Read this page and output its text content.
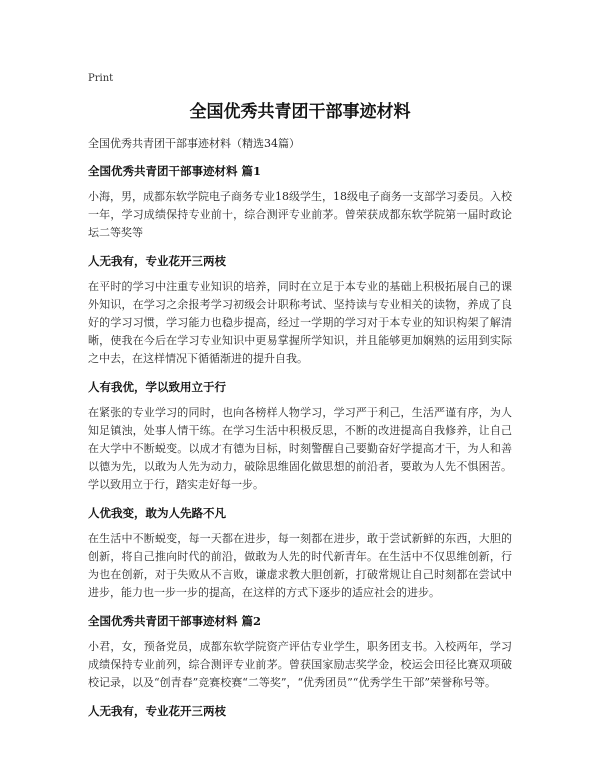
Print
全国优秀共青团干部事迹材料
全国优秀共青团干部事迹材料（精选34篇）
全国优秀共青团干部事迹材料 篇1

小海，男，成都东软学院电子商务专业18级学生，18级电子商务一支部学习委员。入校一年，学习成绩保持专业前十，综合测评专业前茅。曾荣获成都东软学院第一届时政论坛二等奖等

人无我有，专业花开三两枝

在平时的学习中注重专业知识的培养，同时在立足于本专业的基础上积极拓展自己的课外知识，在学习之余报考学习初级会计职称考试、坚持读与专业相关的读物，养成了良好的学习习惯，学习能力也稳步提高，经过一学期的学习对于本专业的知识构架了解清晰，使我在今后在学习专业知识中更易掌握所学知识，并且能够更加娴熟的运用到实际之中去，在这样情况下循循渐进的提升自我。

人有我优，学以致用立于行

在紧张的专业学习的同时，也向各榜样人物学习，学习严于利己，生活严谨有序，为人知足镇浊，处事人情干练。在学习生活中积极反思，不断的改进提高自我修养，让自己在大学中不断蜕变。以成才有德为目标，时刻警醒自己要勤奋好学提高才干，为人和善以德为先，以敢为人先为动力，破除思维固化做思想的前沿者，要敢为人先不惧困苦。学以致用立于行，踏实走好每一步。

人优我变，敢为人先路不凡

在生活中不断蜕变，每一天都在进步，每一刻都在进步，敢于尝试新鲜的东西，大胆的创新，将自己推向时代的前沿，做敢为人先的时代新青年。在生活中不仅思维创新，行为也在创新，对于失败从不言败，谦虚求教大胆创新，打破常规让自己时刻都在尝试中进步，能力也一步一步的提高，在这样的方式下逐步的适应社会的进步。

全国优秀共青团干部事迹材料 篇2

小君，女，预备党员，成都东软学院资产评估专业学生，职务团支书。入校两年，学习成绩保持专业前列，综合测评专业前茅。曾获国家励志奖学金，校运会田径比赛双项破校记录，以及“创青春”竞赛校赛“二等奖”，“优秀团员”“优秀学生干部”荣誉称号等。

人无我有，专业花开三两枝
